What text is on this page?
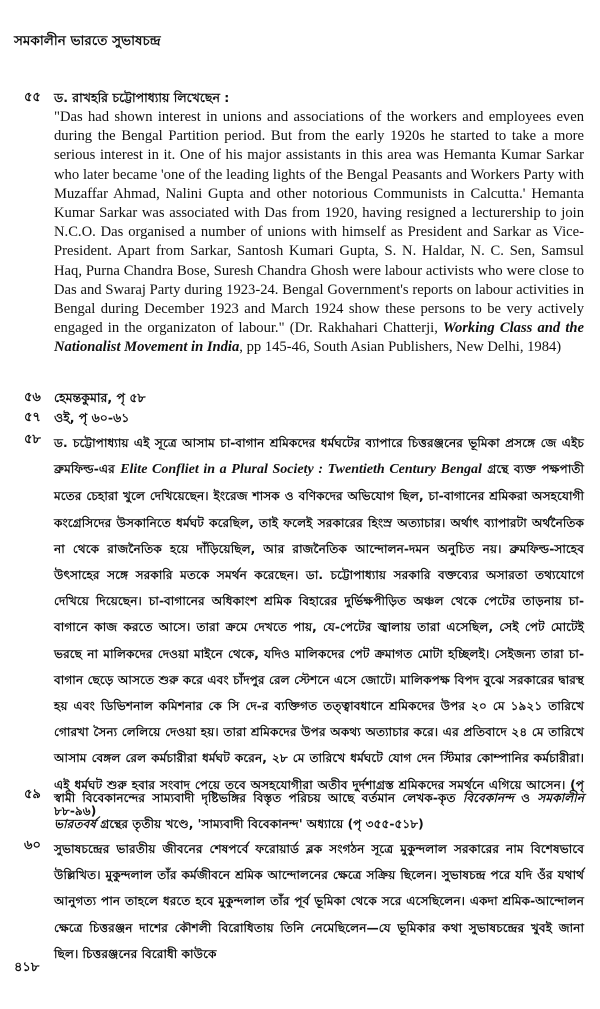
সমকালীন ভারতে সুভাষচন্দ্র
৫৫	ড. রাখহরি চট্টোপাধ্যায় লিখেছেন :
"Das had shown interest in unions and associations of the workers and employees even during the Bengal Partition period. But from the early 1920s he started to take a more serious interest in it. One of his major assistants in this area was Hemanta Kumar Sarkar who later became 'one of the leading lights of the Bengal Peasants and Workers Party with Muzaffar Ahmad, Nalini Gupta and other notorious Communists in Calcutta.' Hemanta Kumar Sarkar was associated with Das from 1920, having resigned a lecturership to join N.C.O. Das organised a number of unions with himself as President and Sarkar as Vice-President. Apart from Sarkar, Santosh Kumari Gupta, S. N. Haldar, N. C. Sen, Samsul Haq, Purna Chandra Bose, Suresh Chandra Ghosh were labour activists who were close to Das and Swaraj Party during 1923-24. Bengal Government's reports on labour activities in Bengal during December 1923 and March 1924 show these persons to be very actively engaged in the organizaton of labour." (Dr. Rakhahari Chatterji, Working Class and the Nationalist Movement in India, pp 145-46, South Asian Publishers, New Delhi, 1984)
৫৬	হেমন্তকুমার, পৃ ৫৮
৫৭	ওই, পৃ ৬০-৬১
৫৮	ড. চট্টোপাধ্যায় এই সূত্রে আসাম চা-বাগান শ্রমিকদের ধর্মঘটের ব্যাপারে চিত্তরঞ্জনের ভূমিকা প্রসঙ্গে জে এইচ ব্রুমফিল্ড-এর Elite Confliet in a Plural Society : Twentieth Century Bengal গ্রন্থে ব্যক্ত পক্ষপাতী মতের চেহারা খুলে দেখিয়েছেন। ইংরেজ শাসক ও বণিকদের অভিযোগ ছিল, চা-বাগানের শ্রমিকরা অসহযোগী কংগ্রেসিদের উসকানিতে ধর্মঘট করেছিল, তাই ফলেই সরকারের হিংস্র অত্যাচার। অর্থাৎ ব্যাপারটা অর্থনৈতিক না থেকে রাজনৈতিক হয়ে দাঁড়িয়েছিল, আর রাজনৈতিক আন্দোলন-দমন অনুচিত নয়। ব্রুমফিল্ড-সাহেব উৎসাহের সঙ্গে সরকারি মতকে সমর্থন করেছেন। ডা. চট্টোপাধ্যায় সরকারি বক্তব্যের অসারতা তথ্যযোগে দেখিয়ে দিয়েছেন। চা-বাগানের অধিকাংশ শ্রমিক বিহারের দুর্ভিক্ষপীড়িত অঞ্চল থেকে পেটের তাড়নায় চা-বাগানে কাজ করতে আসে। তারা ক্রমে দেখতে পায়, যে-পেটের জ্বালায় তারা এসেছিল, সেই পেট মোটেই ভরছে না মালিকদের দেওয়া মাইনে থেকে, যদিও মালিকদের পেট ক্রমাগত মোটা হচ্ছিলই। সেইজন্য তারা চা-বাগান ছেড়ে আসতে শুরু করে এবং চাঁদপুর রেল স্টেশনে এসে জোটে। মালিকপক্ষ বিপদ বুঝে সরকারের দ্বারস্থ হয় এবং ডিভিশনাল কমিশনার কে সি দে-র ব্যক্তিগত তত্ত্বাবধানে শ্রমিকদের উপর ২০ মে ১৯২১ তারিখে গোরখা সৈন্য লেলিয়ে দেওয়া হয়। তারা শ্রমিকদের উপর অকথ্য অত্যাচার করে। এর প্রতিবাদে ২৪ মে তারিখে আসাম বেঙ্গল রেল কর্মচারীরা ধর্মঘট করেন, ২৮ মে তারিখে ধর্মঘটে যোগ দেন স্টিমার কোম্পানির কর্মচারীরা। এই ধর্মঘট শুরু হবার সংবাদ পেয়ে তবে অসহযোগীরা অতীব দুর্দশাগ্রস্ত শ্রমিকদের সমর্থনে এগিয়ে আসেন। (পৃ ৮৮-৯৬)
৫৯	স্বামী বিবেকানন্দের সাম্যবাদী দৃষ্টিভঙ্গির বিস্তৃত পরিচয় আছে বর্তমান লেখক-কৃত বিবেকানন্দ ও সমকালীন ভারতবর্ষ গ্রন্থের তৃতীয় খণ্ডে, 'সাম্যবাদী বিবেকানন্দ' অধ্যায়ে (পৃ ৩৫৫-৫১৮)
৬০	সুভাষচন্দ্রের ভারতীয় জীবনের শেষপর্বে ফরোয়ার্ড ব্লক সংগঠন সূত্রে মুকুন্দলাল সরকারের নাম বিশেষভাবে উল্লিখিত। মুকুন্দলাল তাঁর কর্মজীবনে শ্রমিক আন্দোলনের ক্ষেত্রে সক্রিয় ছিলেন। সুভাষচন্দ্র পরে যদি ওঁর যথার্থ আনুগত্য পান তাহলে ধরতে হবে মুকুন্দলাল তাঁর পূর্ব ভূমিকা থেকে সরে এসেছিলেন। একদা শ্রমিক-আন্দোলন ক্ষেত্রে চিত্তরঞ্জন দাশের কৌশলী বিরোধিতায় তিনি নেমেছিলেন—যে ভূমিকার কথা সুভাষচন্দ্রের খুবই জানা ছিল। চিত্তরঞ্জনের বিরোধী কাউকে
৪১৮
